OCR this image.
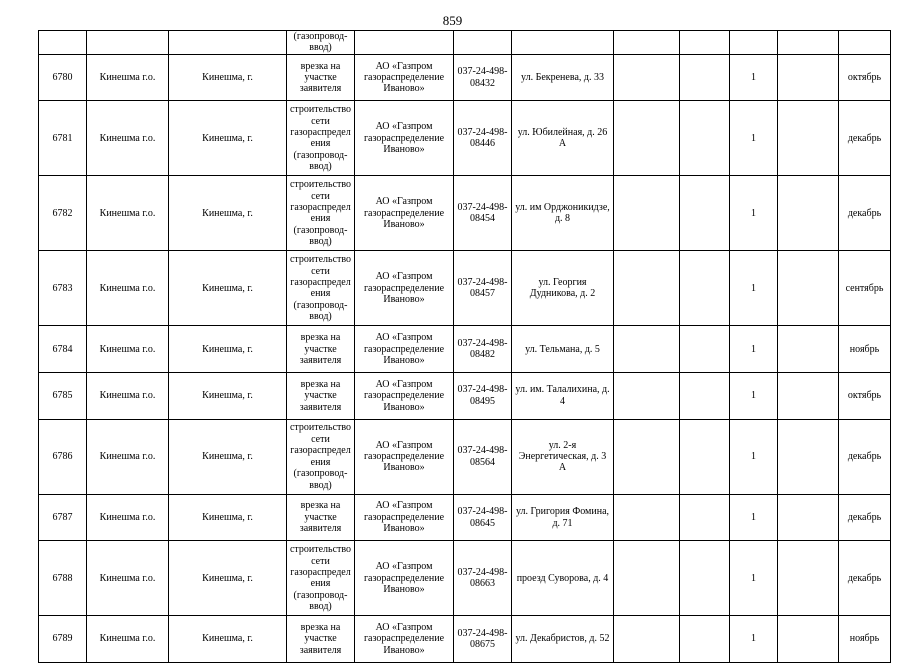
859
			(газопровод-ввод)									
6780	Кинешма г.о.	Кинешма, г.	врезка на участке заявителя	АО «Газпром газораспределение Иваново»	037-24-498-08432	ул. Бекренева, д. 33			1		октябрь	
6781	Кинешма г.о.	Кинешма, г.	строительство сети газораспределения (газопровод-ввод)	АО «Газпром газораспределение Иваново»	037-24-498-08446	ул. Юбилейная, д. 26 А			1		декабрь	
6782	Кинешма г.о.	Кинешма, г.	строительство сети газораспределения (газопровод-ввод)	АО «Газпром газораспределение Иваново»	037-24-498-08454	ул. им Орджоникидзе, д. 8			1		декабрь	
6783	Кинешма г.о.	Кинешма, г.	строительство сети газораспределения (газопровод-ввод)	АО «Газпром газораспределение Иваново»	037-24-498-08457	ул. Георгия Дудникова, д. 2			1		сентябрь	
6784	Кинешма г.о.	Кинешма, г.	врезка на участке заявителя	АО «Газпром газораспределение Иваново»	037-24-498-08482	ул. Тельмана, д. 5			1		ноябрь	
6785	Кинешма г.о.	Кинешма, г.	врезка на участке заявителя	АО «Газпром газораспределение Иваново»	037-24-498-08495	ул. им. Талалихина, д. 4			1		октябрь	
6786	Кинешма г.о.	Кинешма, г.	строительство сети газораспределения (газопровод-ввод)	АО «Газпром газораспределение Иваново»	037-24-498-08564	ул. 2-я Энергетическая, д. 3 А			1		декабрь	
6787	Кинешма г.о.	Кинешма, г.	врезка на участке заявителя	АО «Газпром газораспределение Иваново»	037-24-498-08645	ул. Григория Фомина, д. 71			1		декабрь	
6788	Кинешма г.о.	Кинешма, г.	строительство сети газораспределения (газопровод-ввод)	АО «Газпром газораспределение Иваново»	037-24-498-08663	проезд Суворова, д. 4			1		декабрь	
6789	Кинешма г.о.	Кинешма, г.	врезка на участке заявителя	АО «Газпром газораспределение Иваново»	037-24-498-08675	ул. Декабристов, д. 52			1		ноябрь	
